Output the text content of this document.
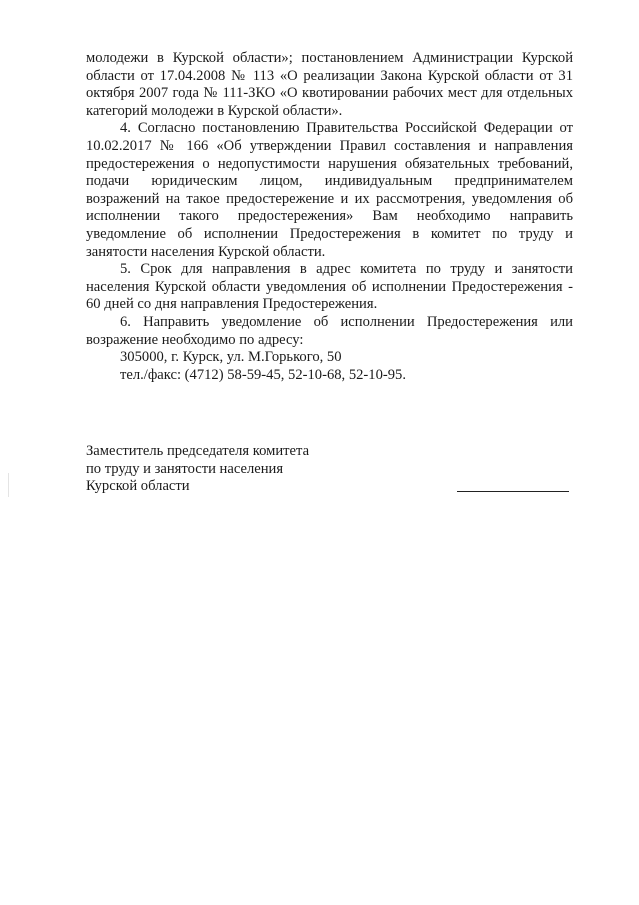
молодежи в Курской области»; постановлением Администрации Курской области от 17.04.2008 № 113 «О реализации Закона Курской области от 31 октября 2007 года № 111-ЗКО «О квотировании рабочих мест для отдельных категорий молодежи в Курской области».

4. Согласно постановлению Правительства Российской Федерации от 10.02.2017 № 166 «Об утверждении Правил составления и направления предостережения о недопустимости нарушения обязательных требований, подачи юридическим лицом, индивидуальным предпринимателем возражений на такое предостережение и их рассмотрения, уведомления об исполнении такого предостережения» Вам необходимо направить уведомление об исполнении Предостережения в комитет по труду и занятости населения Курской области.

5. Срок для направления в адрес комитета по труду и занятости населения Курской области уведомления об исполнении Предостережения - 60 дней со дня направления Предостережения.

6. Направить уведомление об исполнении Предостережения или возражение необходимо по адресу:

305000, г. Курск, ул. М.Горького, 50

тел./факс: (4712) 58-59-45, 52-10-68, 52-10-95.

Заместитель председателя комитета
по труду и занятости населения
Курской области
